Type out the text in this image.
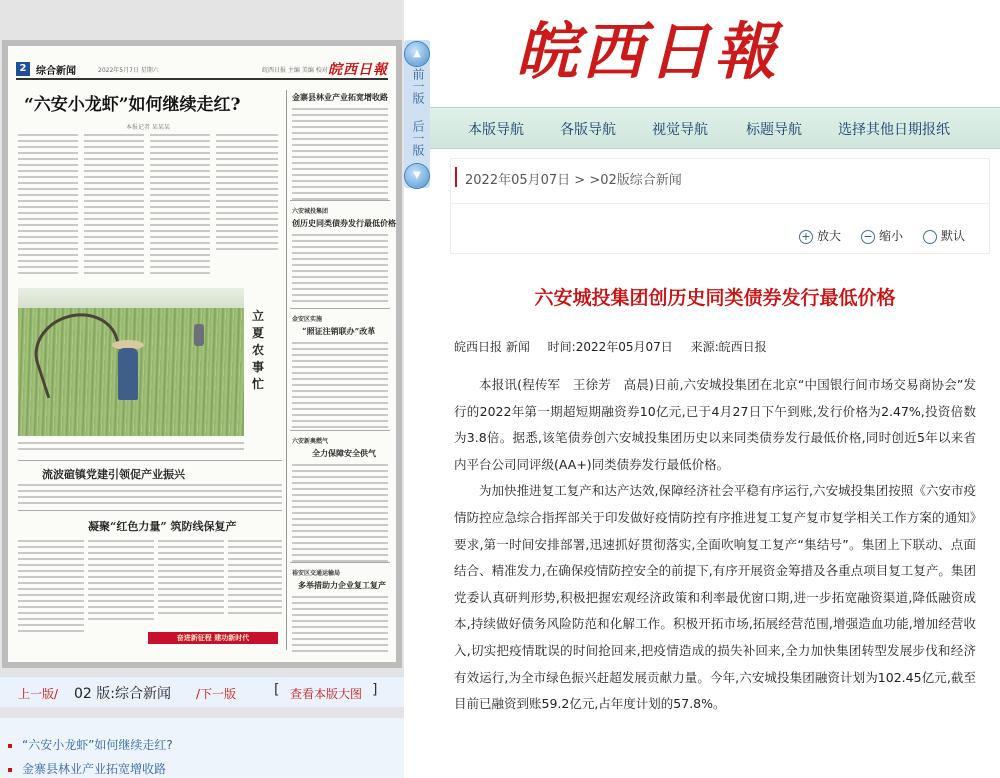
2 综合新闻	2022年5月7日 星期六	皖西日报 主编 美编 校对 皖西日報
“六安小龙虾”如何继续走红?
本报记者 某某某
金寨县林业产业拓宽增收路
六安城投集团
创历史同类债券发行最低价格
金安区实施
“照证注销联办”改革
六安新奥燃气
全力保障安全供气
裕安区交通运输局
多举措助力企业复工复产
立夏农事忙
流波碹镇党建引领促产业振兴
凝聚“红色力量” 筑防线保复产
奋进新征程 建功新时代
上一版/ 02 版:综合新闻 /下一版	[ 查看本版大图 ]
“六安小龙虾”如何继续走红?
金寨县林业产业拓宽增收路
▲
前一版
后一版
▼
皖西日報
本版导航	各版导航	视觉导航	标题导航	选择其他日期报纸
2022年05月07日 > >02版综合新闻
+ 放大 − 缩小	默认
六安城投集团创历史同类债券发行最低价格
皖西日报 新闻 时间:2022年05月07日 来源:皖西日报

本报讯(程传军　王徐芳　高晨)日前,六安城投集团在北京“中国银行间市场交易商协会”发行的2022年第一期超短期融资券10亿元,已于4月27日下午到账,发行价格为2.47%,投资倍数为3.8倍。据悉,该笔债券创六安城投集团历史以来同类债券发行最低价格,同时创近5年以来省内平台公司同评级(AA+)同类债券发行最低价格。

为加快推进复工复产和达产达效,保障经济社会平稳有序运行,六安城投集团按照《六安市疫情防控应急综合指挥部关于印发做好疫情防控有序推进复工复产复市复学相关工作方案的通知》要求,第一时间安排部署,迅速抓好贯彻落实,全面吹响复工复产“集结号”。集团上下联动、点面结合、精准发力,在确保疫情防控安全的前提下,有序开展资金筹措及各重点项目复工复产。集团党委认真研判形势,积极把握宏观经济政策和利率最优窗口期,进一步拓宽融资渠道,降低融资成本,持续做好债务风险防范和化解工作。积极开拓市场,拓展经营范围,增强造血功能,增加经营收入,切实把疫情耽误的时间抢回来,把疫情造成的损失补回来,全力加快集团转型发展步伐和经济有效运行,为全市绿色振兴赶超发展贡献力量。今年,六安城投集团融资计划为102.45亿元,截至目前已融资到账59.2亿元,占年度计划的57.8%。
